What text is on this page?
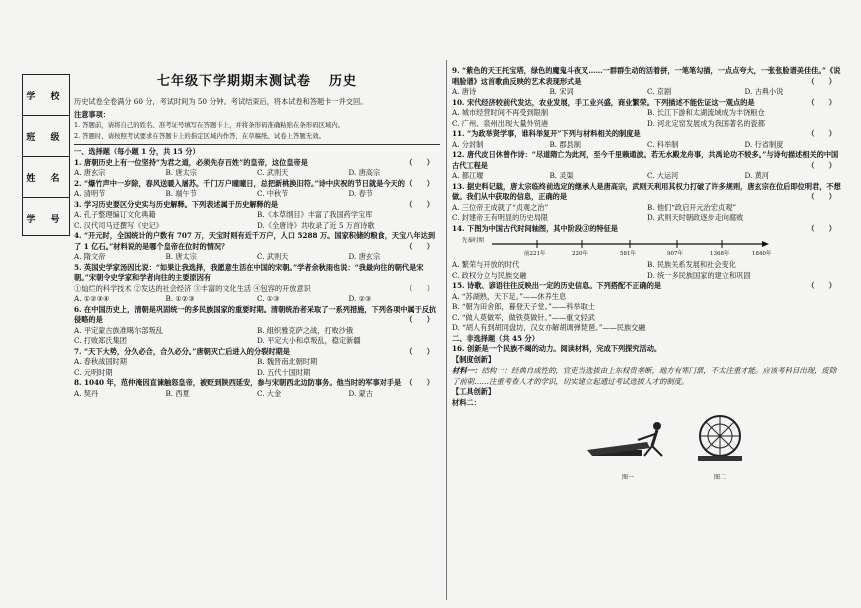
学 校
班 级
姓 名
学 号
七年级下学期期末测试卷 历史

历史试卷全卷满分 60 分，考试时间为 50 分钟。考试结束后，将本试卷和答题卡一并交回。

注意事项：

1. 答题前，请将自己的姓名、准考证号填写在答题卡上，并将条形码准确粘贴在条形码区域内。

2. 答题时，请按照考试要求在答题卡上的指定区域内作答，在草稿纸、试卷上答题无效。

一、选择题（每小题 1 分，共 15 分）

1. 唐朝历史上有一位坚持“为君之道，必须先存百姓”的皇帝，这位皇帝是	（　　）

A. 唐玄宗	B. 唐太宗	C. 武则天	D. 唐高宗

2. “爆竹声中一岁除，春风送暖入屠苏。千门万户曈曈日，总把新桃换旧符。”诗中庆祝的节日就是今天的 （　　）

A. 清明节	B. 端午节	C. 中秋节	D. 春节

3. 学习历史要区分史实与历史解释。下列表述属于历史解释的是	（　　）

A. 孔子整理编订文化典籍	B.《本草纲目》丰富了我国药学宝库
C. 汉代司马迁撰写《史记》	D.《全唐诗》共收录了近 5 万首诗歌

4. “开元时，全国统计的户数有 707 万，天宝时则有近千万户，人口 5288 万。国家积储的粮食，天宝八年达到了 1 亿石。”材料说的是哪个皇帝在位时的情况？	（　　）

A. 隋文帝	B. 唐太宗	C. 武则天	D. 唐玄宗

5. 英国史学家汤因比说：“如果让我选择，我愿意生活在中国的宋朝。”学者余秋雨也说：“我最向往的朝代是宋朝。”宋朝令史学家和学者向往的主要原因有

①灿烂的科学技术 ②发达的社会经济 ③丰富的文化生活 ④包容的开放意识	（　　）

A. ①②③④	B. ①②③	C. ①③	D. ②③

6. 在中国历史上，清朝是巩固统一的多民族国家的重要时期。清朝统治者采取了一系列措施，下列各项中属于反抗侵略的是	（　　）

A. 平定蒙古族准噶尔部叛乱	B. 组织雅克萨之战，打败沙俄
C. 打败郑氏集团	D. 平定大小和卓叛乱，稳定新疆

7. “天下大势，分久必合，合久必分。”唐朝灭亡后进入的分裂时期是	（　　）

A. 春秋战国时期	B. 魏晋南北朝时期
C. 元明时期	D. 五代十国时期

8. 1040 年，范仲淹因直谏触怒皇帝，被贬到陕西延安，参与宋朝西北边防事务。他当时的军事对手是 （　　）

A. 契丹	B. 西夏	C. 大金	D. 蒙古

9. “紫色的天王托宝塔，绿色的魔鬼斗夜叉……一群群生动的活着拼，一笔笔勾描，一点点夸大，一张张脸谱美佳佳。”《说唱脸谱》这首歌曲反映的艺术表现形式是	（　　）

A. 唐诗	B. 宋词	C. 京剧	D. 古典小说

10. 宋代经济较前代发达，农业发展，手工业兴盛，商业繁荣。下列描述不能佐证这一观点的是	（　　）

A. 城市经营时间不再受到限制	B. 长江下游和太湖流域成为丰饶粮仓
C. 广州、泉州出现大量外贸港	D. 河北定窑发展成为我国著名的瓷都

11. “为政举贤学事，谁科举复开”下列与材料相关的制度是	（　　）

A. 分封制	B. 郡县制	C. 科举制	D. 行省制度

12. 唐代皮日休曾作诗：“尽道隋亡为此河，至今千里赖通波。若无水殿龙舟事，共禹论功不较多。”与诗句描述相关的中国古代工程是	（　　）

A. 都江堰	B. 灵渠	C. 大运河	D. 黄河

13. 据史料记载，唐太宗临终前选定的继承人是唐高宗，武则天利用其权力打破了许多规则，唐玄宗在位后即位明君，不想做。我们从中获取的信息，正确的是	（　　）

A. 三位帝王成就了“贞观之治”	B. 他们“政启开元治宏贞观”
C. 封建帝王有明显的历史局限	D. 武则天时朝政逐步走向腐败

14. 下图为中国古代时间轴图，其中阶段③的特征是	（　　）

先秦时期
前221年	220年	581年	907年	1368年	1840年
A. 繁荣与开放的时代	B. 民族关系发展和社会变化
C. 政权分立与民族交融	D. 统一多民族国家的建立和巩固

15. 诗歌、谚语往往反映出一定的历史信息。下列搭配不正确的是	（　　）

A. “苏湖熟，天下足。”——休养生息

B. “朝为田舍郎，暮登天子堂。”——科举取士

C. “做人莫做军，做铁莫做针。”——重文轻武

D. “胡人有到胡同盘坊，汉女亦解胡调弹琵琶。”——民族交融

二、非选择题（共 45 分）

16. 创新是一个民族不竭的动力。阅读材料，完成下列探究活动。

【制度创新】

材料一：结构一：经典自成性的，官吏当选拔由上东权贵垄断，地方有寒门票，不太注重才能。应该考科目出现，废除了前朝……注重考查人才的学识，切实建立起通过考试选拔人才的制度。

【工具创新】

材料二：

图一	图二
